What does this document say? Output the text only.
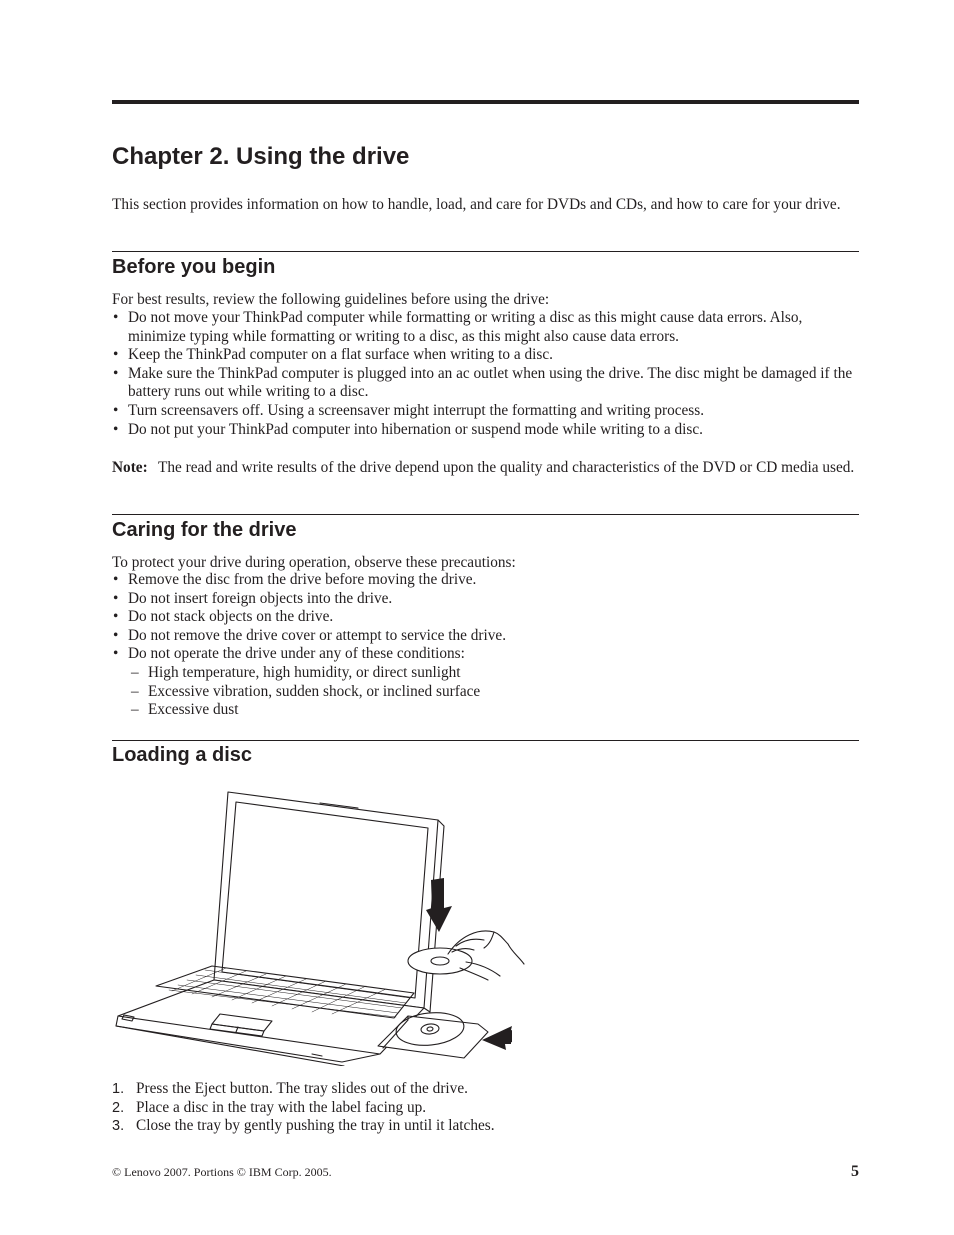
Chapter 2. Using the drive

This section provides information on how to handle, load, and care for DVDs and CDs, and how to care for your drive.

Before you begin

For best results, review the following guidelines before using the drive:

• Do not move your ThinkPad computer while formatting or writing a disc as this might cause data errors. Also, minimize typing while formatting or writing to a disc, as this might also cause data errors.
• Keep the ThinkPad computer on a flat surface when writing to a disc.
• Make sure the ThinkPad computer is plugged into an ac outlet when using the drive. The disc might be damaged if the battery runs out while writing to a disc.
• Turn screensavers off. Using a screensaver might interrupt the formatting and writing process.
• Do not put your ThinkPad computer into hibernation or suspend mode while writing to a disc.
Note: The read and write results of the drive depend upon the quality and characteristics of the DVD or CD media used.
Caring for the drive

To protect your drive during operation, observe these precautions:

• Remove the disc from the drive before moving the drive.
• Do not insert foreign objects into the drive.
• Do not stack objects on the drive.
• Do not remove the drive cover or attempt to service the drive.
• Do not operate the drive under any of these conditions:
– High temperature, high humidity, or direct sunlight
– Excessive vibration, sudden shock, or inclined surface
– Excessive dust
Loading a disc
1. Press the Eject button. The tray slides out of the drive.
2. Place a disc in the tray with the label facing up.
3. Close the tray by gently pushing the tray in until it latches.

© Lenovo 2007. Portions © IBM Corp. 2005.	5
